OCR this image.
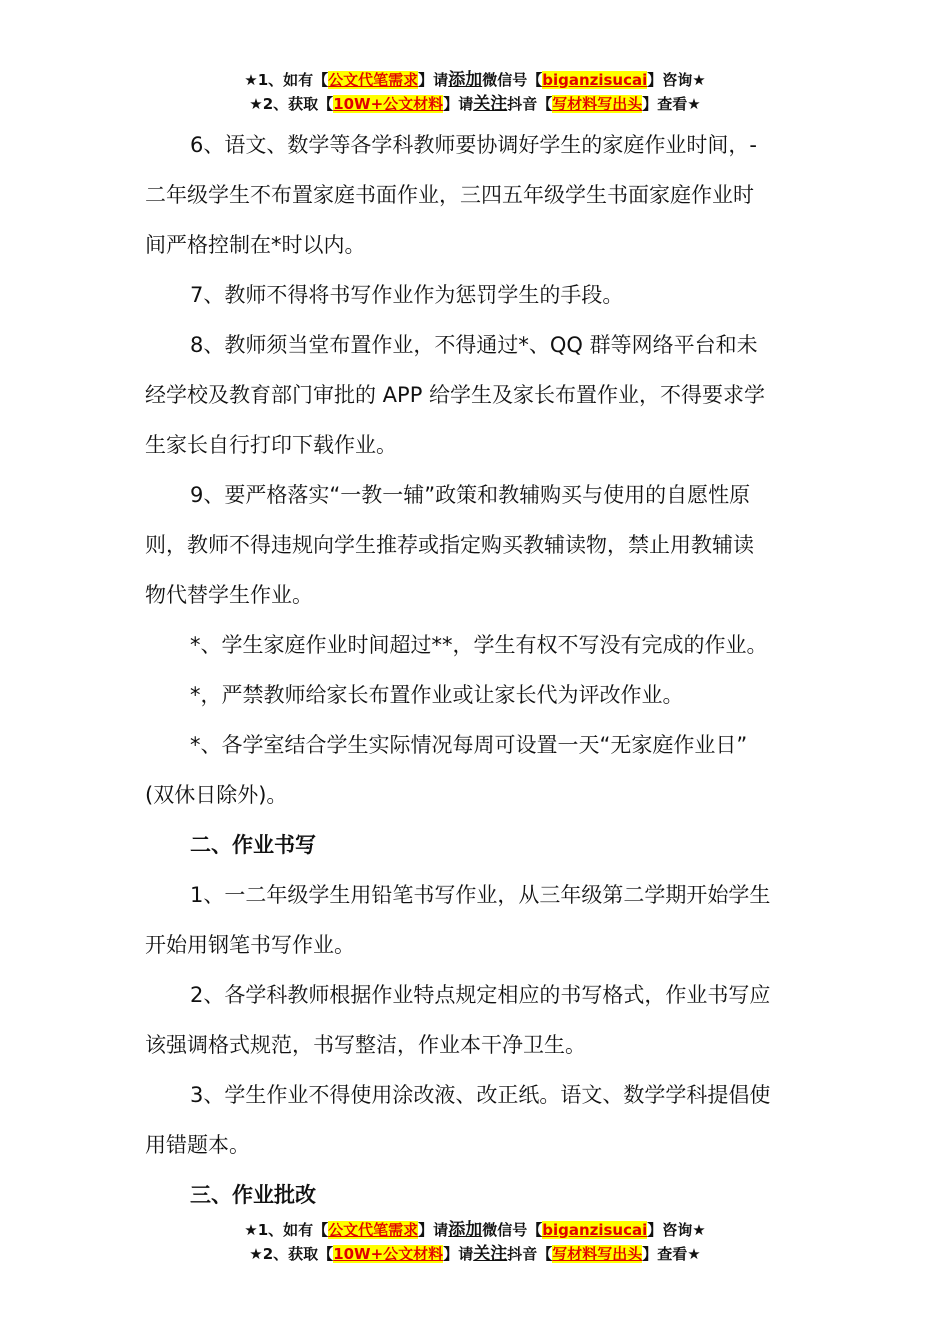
★1、如有【公文代笔需求】请添加微信号【biganzisucai】咨询★
★2、获取【10W+公文材料】请关注抖音【写材料写出头】查看★
6、语文、数学等各学科教师要协调好学生的家庭作业时间，-
二年级学生不布置家庭书面作业，三四五年级学生书面家庭作业时
间严格控制在*时以内。
7、教师不得将书写作业作为惩罚学生的手段。
8、教师须当堂布置作业，不得通过*、QQ 群等网络平台和未
经学校及教育部门审批的 APP 给学生及家长布置作业，不得要求学
生家长自行打印下载作业。
9、要严格落实“一教一辅”政策和教辅购买与使用的自愿性原
则，教师不得违规向学生推荐或指定购买教辅读物，禁止用教辅读
物代替学生作业。
*、学生家庭作业时间超过**，学生有权不写没有完成的作业。
*，严禁教师给家长布置作业或让家长代为评改作业。
*、各学室结合学生实际情况每周可设置一天“无家庭作业日”
(双休日除外)。
二、作业书写
1、一二年级学生用铅笔书写作业，从三年级第二学期开始学生
开始用钢笔书写作业。
2、各学科教师根据作业特点规定相应的书写格式，作业书写应
该强调格式规范，书写整洁，作业本干净卫生。
3、学生作业不得使用涂改液、改正纸。语文、数学学科提倡使
用错题本。
三、作业批改
★1、如有【公文代笔需求】请添加微信号【biganzisucai】咨询★
★2、获取【10W+公文材料】请关注抖音【写材料写出头】查看★
